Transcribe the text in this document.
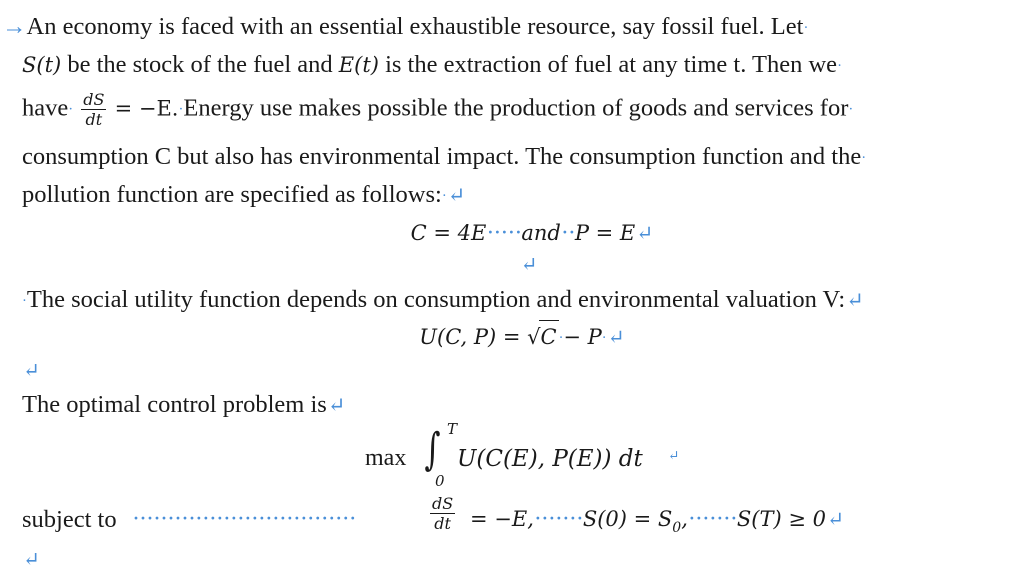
→An economy is faced with an essential exhaustible resource, say fossil fuel. Let·
S(t) be the stock of the fuel and E(t) is the extraction of fuel at any time t. Then we·
have· $\frac{dS}{dt}$ = −E.·Energy use makes possible the production of goods and services for·
consumption C but also has environmental impact. The consumption function and the·
pollution function are specified as follows:·↵
C = 4E·····and··P = E↵
↵
·The social utility function depends on consumption and environmental valuation V:↵
U(C, P) = √C ·− P·↵
↵
The optimal control problem is↵
max ∫ T
0
U(C(E), P(E)) dt ↵
subject to ································	$\frac{dS}{dt} = -E,\cdot\cdot\cdot\cdot\cdot\cdot\cdot S(0) = S_0,\cdot\cdot\cdot\cdot\cdot\cdot\cdot S(T)$ ≥ 0↵
↵
